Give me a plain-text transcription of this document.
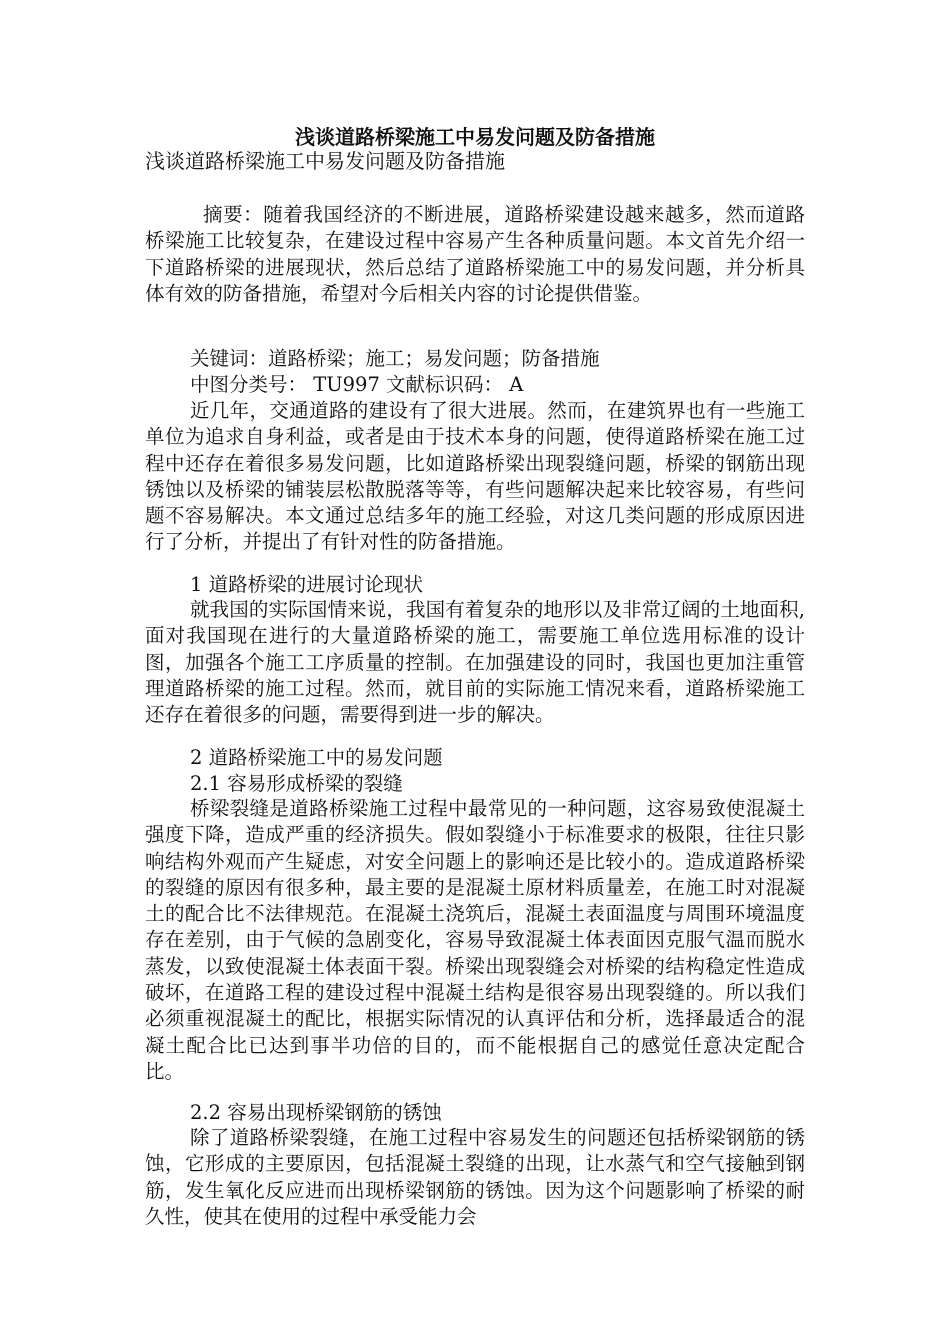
浅谈道路桥梁施工中易发问题及防备措施

浅谈道路桥梁施工中易发问题及防备措施

摘要：随着我国经济的不断进展，道路桥梁建设越来越多，然而道路桥梁施工比较复杂，在建设过程中容易产生各种质量问题。本文首先介绍一下道路桥梁的进展现状，然后总结了道路桥梁施工中的易发问题，并分析具体有效的防备措施，希望对今后相关内容的讨论提供借鉴。

关键词：道路桥梁；施工；易发问题；防备措施

中图分类号： TU997 文献标识码： A

近几年，交通道路的建设有了很大进展。然而，在建筑界也有一些施工单位为追求自身利益，或者是由于技术本身的问题，使得道路桥梁在施工过程中还存在着很多易发问题，比如道路桥梁出现裂缝问题，桥梁的钢筋出现锈蚀以及桥梁的铺装层松散脱落等等，有些问题解决起来比较容易，有些问题不容易解决。本文通过总结多年的施工经验，对这几类问题的形成原因进行了分析，并提出了有针对性的防备措施。

1 道路桥梁的进展讨论现状

就我国的实际国情来说，我国有着复杂的地形以及非常辽阔的土地面积,面对我国现在进行的大量道路桥梁的施工，需要施工单位选用标准的设计图，加强各个施工工序质量的控制。在加强建设的同时，我国也更加注重管理道路桥梁的施工过程。然而，就目前的实际施工情况来看，道路桥梁施工还存在着很多的问题，需要得到进一步的解决。

2 道路桥梁施工中的易发问题

2.1 容易形成桥梁的裂缝

桥梁裂缝是道路桥梁施工过程中最常见的一种问题，这容易致使混凝土强度下降，造成严重的经济损失。假如裂缝小于标准要求的极限，往往只影响结构外观而产生疑虑，对安全问题上的影响还是比较小的。造成道路桥梁的裂缝的原因有很多种，最主要的是混凝土原材料质量差，在施工时对混凝土的配合比不法律规范。在混凝土浇筑后，混凝土表面温度与周围环境温度存在差别，由于气候的急剧变化，容易导致混凝土体表面因克服气温而脱水蒸发，以致使混凝土体表面干裂。桥梁出现裂缝会对桥梁的结构稳定性造成破坏，在道路工程的建设过程中混凝土结构是很容易出现裂缝的。所以我们必须重视混凝土的配比，根据实际情况的认真评估和分析，选择最适合的混凝土配合比已达到事半功倍的目的，而不能根据自己的感觉任意决定配合比。

2.2 容易出现桥梁钢筋的锈蚀

除了道路桥梁裂缝，在施工过程中容易发生的问题还包括桥梁钢筋的锈蚀，它形成的主要原因，包括混凝土裂缝的出现，让水蒸气和空气接触到钢筋，发生氧化反应进而出现桥梁钢筋的锈蚀。因为这个问题影响了桥梁的耐久性，使其在使用的过程中承受能力会
